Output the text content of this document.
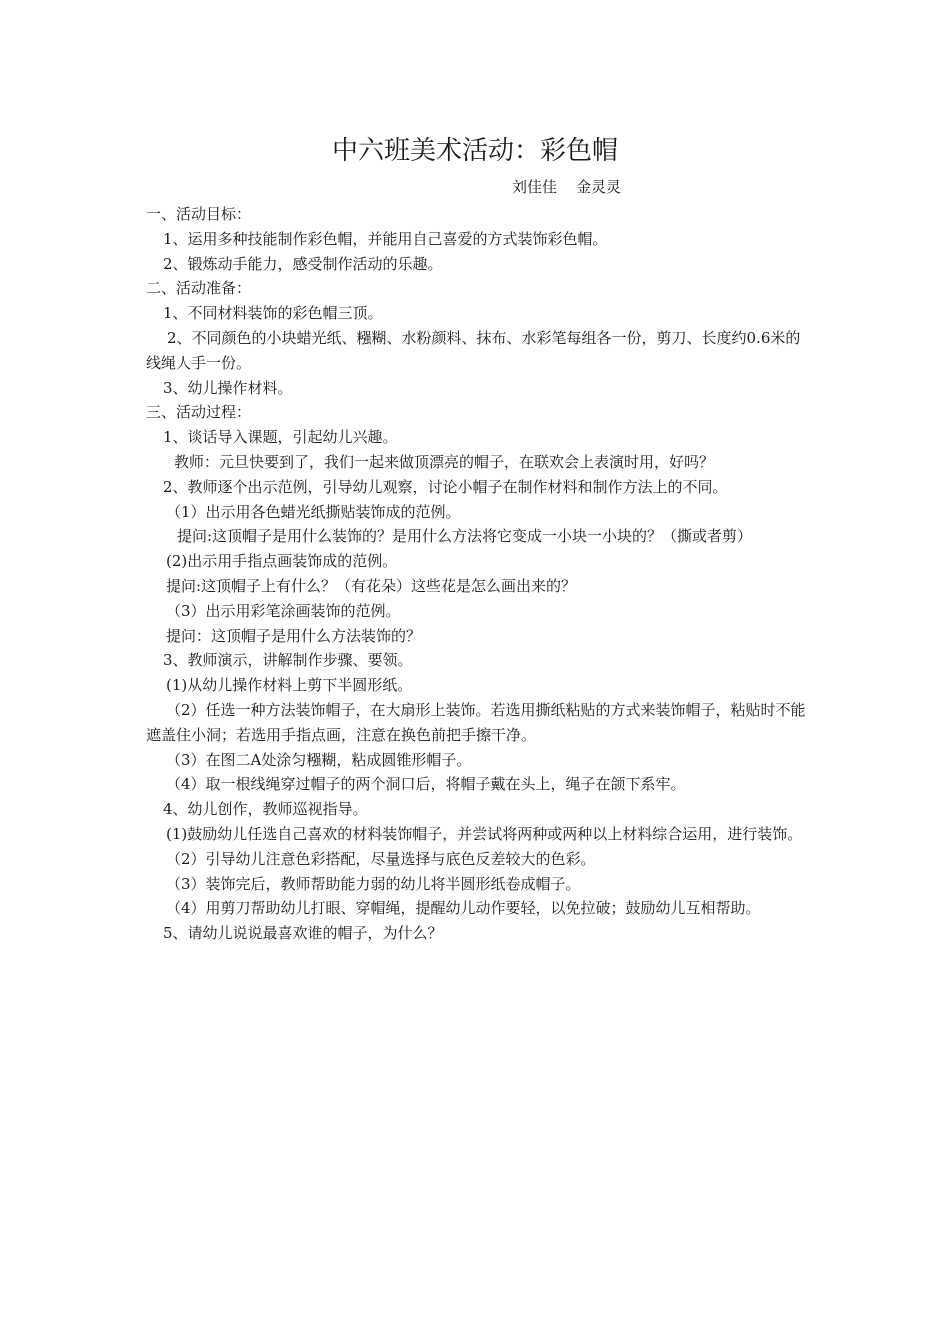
中六班美术活动：彩色帽
刘佳佳    金灵灵

一、活动目标：

1、运用多种技能制作彩色帽，并能用自己喜爱的方式装饰彩色帽。

2、锻炼动手能力，感受制作活动的乐趣。

二、活动准备：

1、不同材料装饰的彩色帽三顶。

2、不同颜色的小块蜡光纸、糨糊、水粉颜料、抹布、水彩笔每组各一份，剪刀、长度约0.6米的线绳人手一份。

3、幼儿操作材料。

三、活动过程：

1、谈话导入课题，引起幼儿兴趣。

教师：元旦快要到了，我们一起来做顶漂亮的帽子，在联欢会上表演时用，好吗？

2、教师逐个出示范例，引导幼儿观察，讨论小帽子在制作材料和制作方法上的不同。

（1）出示用各色蜡光纸撕贴装饰成的范例。

提问:这顶帽子是用什么装饰的？是用什么方法将它变成一小块一小块的？（撕或者剪）

(2)出示用手指点画装饰成的范例。

提问:这顶帽子上有什么？（有花朵）这些花是怎么画出来的？

（3）出示用彩笔涂画装饰的范例。

提问：这顶帽子是用什么方法装饰的？

3、教师演示，讲解制作步骤、要领。

(1)从幼儿操作材料上剪下半圆形纸。

（2）任选一种方法装饰帽子，在大扇形上装饰。若选用撕纸粘贴的方式来装饰帽子，粘贴时不能遮盖住小洞；若选用手指点画，注意在换色前把手擦干净。

（3）在图二A处涂匀糨糊，粘成圆锥形帽子。

（4）取一根线绳穿过帽子的两个洞口后，将帽子戴在头上，绳子在颌下系牢。

4、幼儿创作，教师巡视指导。

(1)鼓励幼儿任选自己喜欢的材料装饰帽子，并尝试将两种或两种以上材料综合运用，进行装饰。

（2）引导幼儿注意色彩搭配，尽量选择与底色反差较大的色彩。

（3）装饰完后，教师帮助能力弱的幼儿将半圆形纸卷成帽子。

（4）用剪刀帮助幼儿打眼、穿帽绳，提醒幼儿动作要轻，以免拉破；鼓励幼儿互相帮助。

5、请幼儿说说最喜欢谁的帽子，为什么？
